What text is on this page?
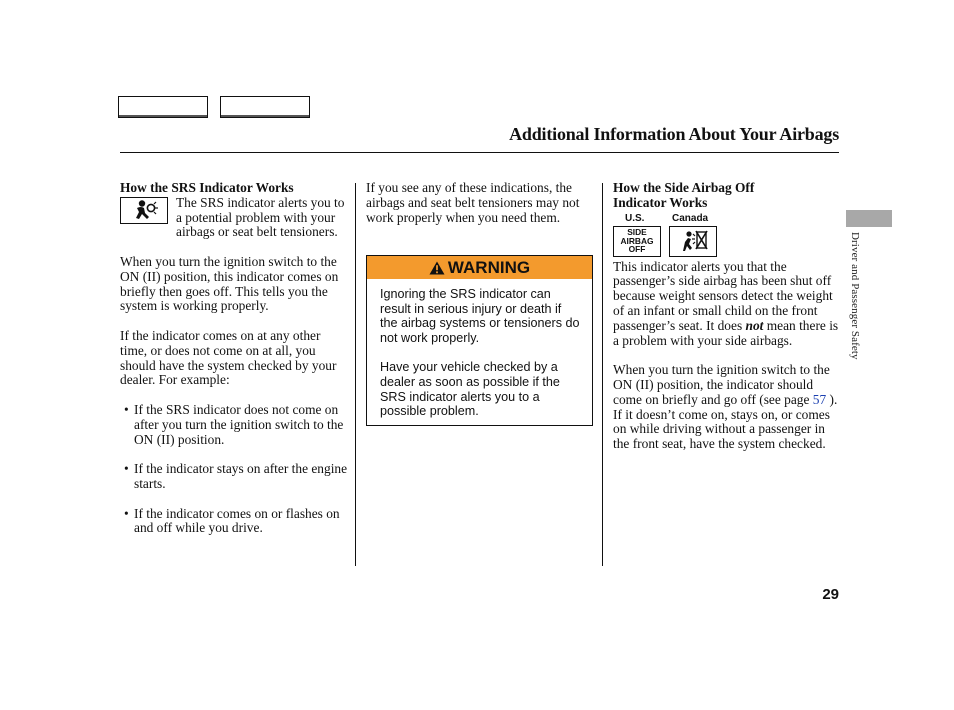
Additional Information About Your Airbags
How the SRS Indicator Works

The SRS indicator alerts you to a potential problem with your airbags or seat belt tensioners.

When you turn the ignition switch to the ON (II) position, this indicator comes on briefly then goes off. This tells you the system is working properly.

If the indicator comes on at any other time, or does not come on at all, you should have the system checked by your dealer. For example:

• If the SRS indicator does not come on after you turn the ignition switch to the ON (II) position.
• If the indicator stays on after the engine starts.
• If the indicator comes on or flashes on and off while you drive.

If you see any of these indications, the airbags and seat belt tensioners may not work properly when you need them.

WARNING

Ignoring the SRS indicator can result in serious injury or death if the airbag systems or tensioners do not work properly.

Have your vehicle checked by a dealer as soon as possible if the SRS indicator alerts you to a possible problem.

How the Side Airbag Off
Indicator Works
U.S.	Canada
SIDE
AIRBAG
OFF

This indicator alerts you that the passenger’s side airbag has been shut off because weight sensors detect the weight of an infant or small child on the front passenger’s seat. It does not mean there is a problem with your side airbags.

When you turn the ignition switch to the ON (II) position, the indicator should come on briefly and go off (see page 57 ). If it doesn’t come on, stays on, or comes on while driving without a passenger in the front seat, have the system checked.

Driver and Passenger Safety
29
